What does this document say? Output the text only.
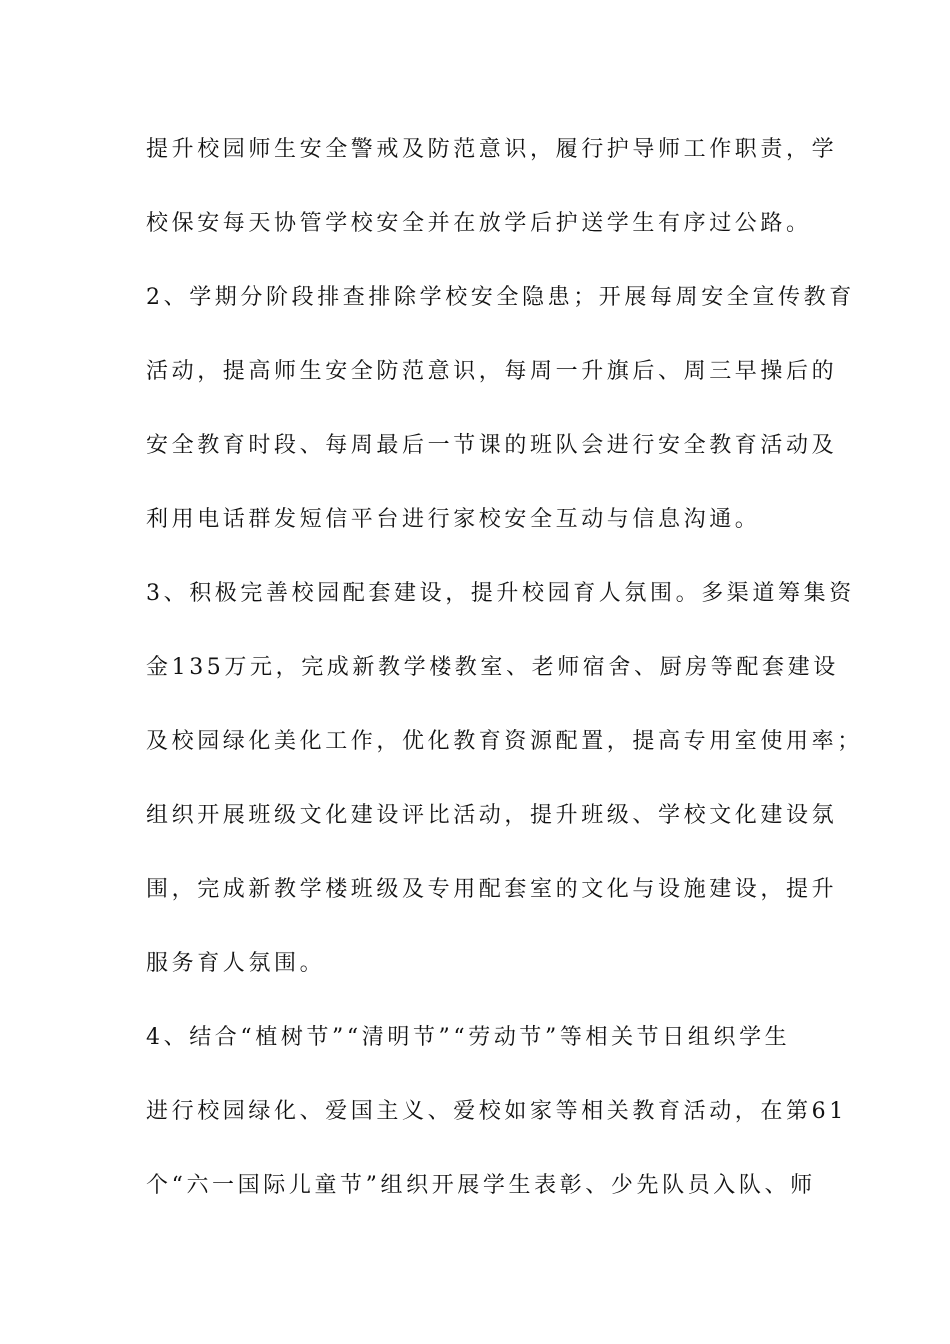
提升校园师生安全警戒及防范意识，履行护导师工作职责，学
校保安每天协管学校安全并在放学后护送学生有序过公路。
2、学期分阶段排查排除学校安全隐患；开展每周安全宣传教育
活动，提高师生安全防范意识，每周一升旗后、周三早操后的
安全教育时段、每周最后一节课的班队会进行安全教育活动及
利用电话群发短信平台进行家校安全互动与信息沟通。
3、积极完善校园配套建设，提升校园育人氛围。多渠道筹集资
金135万元，完成新教学楼教室、老师宿舍、厨房等配套建设
及校园绿化美化工作，优化教育资源配置，提高专用室使用率；
组织开展班级文化建设评比活动，提升班级、学校文化建设氛
围，完成新教学楼班级及专用配套室的文化与设施建设，提升
服务育人氛围。
4、结合“植树节”“清明节”“劳动节”等相关节日组织学生
进行校园绿化、爱国主义、爱校如家等相关教育活动，在第61
个“六一国际儿童节”组织开展学生表彰、少先队员入队、师
